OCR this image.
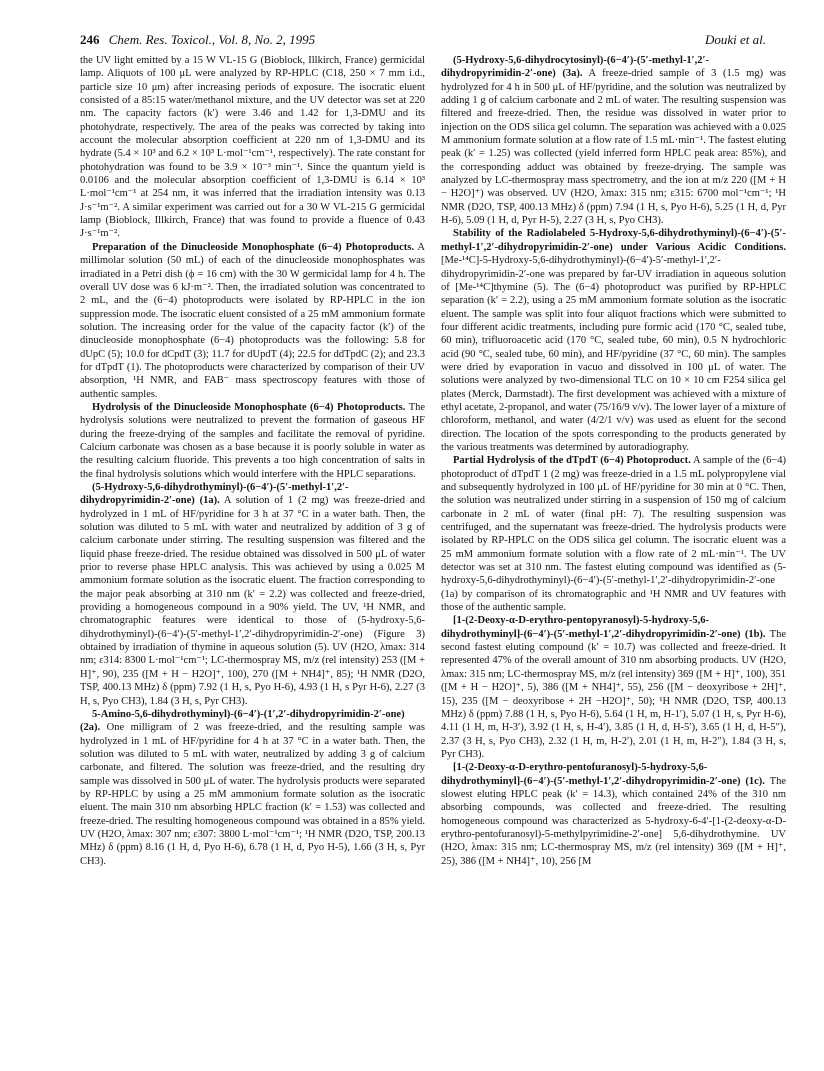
246 Chem. Res. Toxicol., Vol. 8, No. 2, 1995	Douki et al.

the UV light emitted by a 15 W VL-15 G (Bioblock, Illkirch, France) germicidal lamp. Aliquots of 100 μL were analyzed by RP-HPLC (C18, 250 × 7 mm i.d., particle size 10 μm) after increasing periods of exposure. The isocratic eluent consisted of a 85:15 water/methanol mixture, and the UV detector was set at 220 nm. The capacity factors (k′) were 3.46 and 1.42 for 1,3-DMU and its photohydrate, respectively. The area of the peaks was corrected by taking into account the molecular absorption coefficient at 220 nm of 1,3-DMU and its hydrate (5.4 × 10³ and 6.2 × 10³ L·mol⁻¹cm⁻¹, respectively). The rate constant for photohydration was found to be 3.9 × 10⁻³ min⁻¹. Since the quantum yield is 0.0106 and the molecular absorption coefficient of 1,3-DMU is 6.14 × 10³ L·mol⁻¹cm⁻¹ at 254 nm, it was inferred that the irradiation intensity was 0.13 J·s⁻¹m⁻². A similar experiment was carried out for a 30 W VL-215 G germicidal lamp (Bioblock, Illkirch, France) that was found to provide a fluence of 0.43 J·s⁻¹m⁻².

Preparation of the Dinucleoside Monophosphate (6−4) Photoproducts. A millimolar solution (50 mL) of each of the dinucleoside monophosphates was irradiated in a Petri dish (ϕ = 16 cm) with the 30 W germicidal lamp for 4 h. The overall UV dose was 6 kJ·m⁻². Then, the irradiated solution was concentrated to 2 mL, and the (6−4) photoproducts were isolated by RP-HPLC in the ion suppression mode. The isocratic eluent consisted of a 25 mM ammonium formate solution. The increasing order for the value of the capacity factor (k′) of the dinucleoside monophosphate (6−4) photoproducts was the following: 5.8 for dUpC (5); 10.0 for dCpdT (3); 11.7 for dUpdT (4); 22.5 for ddTpdC (2); and 23.3 for dTpdT (1). The photoproducts were characterized by comparison of their UV absorption, ¹H NMR, and FAB⁻ mass spectroscopy features with those of authentic samples.

Hydrolysis of the Dinucleoside Monophosphate (6−4) Photoproducts. The hydrolysis solutions were neutralized to prevent the formation of gaseous HF during the freeze-drying of the samples and facilitate the removal of pyridine. Calcium carbonate was chosen as a base because it is poorly soluble in water as the resulting calcium fluoride. This prevents a too high concentration of salts in the final hydrolysis solutions which would interfere with the HPLC separations.

(5-Hydroxy-5,6-dihydrothyminyl)-(6−4′)-(5′-methyl-1′,2′-dihydropyrimidin-2′-one) (1a). A solution of 1 (2 mg) was freeze-dried and hydrolyzed in 1 mL of HF/pyridine for 3 h at 37 °C in a water bath. Then, the solution was diluted to 5 mL with water and neutralized by addition of 3 g of calcium carbonate under stirring. The resulting suspension was filtered and the liquid phase freeze-dried. The residue obtained was dissolved in 500 μL of water prior to reverse phase HPLC analysis. This was achieved by using a 0.025 M ammonium formate solution as the isocratic eluent. The fraction corresponding to the major peak absorbing at 310 nm (k′ = 2.2) was collected and freeze-dried, providing a homogeneous compound in a 90% yield. The UV, ¹H NMR, and chromatographic features were identical to those of (5-hydroxy-5,6-dihydrothyminyl)-(6−4′)-(5′-methyl-1′,2′-dihydropyrimidin-2′-one) (Figure 3) obtained by irradiation of thymine in aqueous solution (5). UV (H2O, λmax: 314 nm; ε314: 8300 L·mol⁻¹cm⁻¹; LC-thermospray MS, m/z (rel intensity) 253 ([M + H]⁺, 90), 235 ([M + H − H2O]⁺, 100), 270 ([M + NH4]⁺, 85); ¹H NMR (D2O, TSP, 400.13 MHz) δ (ppm) 7.92 (1 H, s, Pyo H-6), 4.93 (1 H, s Pyr H-6), 2.27 (3 H, s, Pyo CH3), 1.84 (3 H, s, Pyr CH3).

5-Amino-5,6-dihydrothyminyl)-(6−4′)-(1′,2′-dihydropyrimidin-2′-one) (2a). One milligram of 2 was freeze-dried, and the resulting sample was hydrolyzed in 1 mL of HF/pyridine for 4 h at 37 °C in a water bath. Then, the solution was diluted to 5 mL with water, neutralized by adding 3 g of calcium carbonate, and filtered. The solution was freeze-dried, and the resulting dry sample was dissolved in 500 μL of water. The hydrolysis products were separated by RP-HPLC by using a 25 mM ammonium formate solution as the isocratic eluent. The main 310 nm absorbing HPLC fraction (k′ = 1.53) was collected and freeze-dried. The resulting homogeneous compound was obtained in a 85% yield. UV (H2O, λmax: 307 nm; ε307: 3800 L·mol⁻¹cm⁻¹; ¹H NMR (D2O, TSP, 200.13 MHz) δ (ppm) 8.16 (1 H, d, Pyo H-6), 6.78 (1 H, d, Pyo H-5), 1.66 (3 H, s, Pyr CH3).

(5-Hydroxy-5,6-dihydrocytosinyl)-(6−4′)-(5′-methyl-1′,2′-dihydropyrimidin-2′-one) (3a). A freeze-dried sample of 3 (1.5 mg) was hydrolyzed for 4 h in 500 μL of HF/pyridine, and the solution was neutralized by adding 1 g of calcium carbonate and 2 mL of water. The resulting suspension was filtered and freeze-dried. Then, the residue was dissolved in water prior to injection on the ODS silica gel column. The separation was achieved with a 0.025 M ammonium formate solution at a flow rate of 1.5 mL·min⁻¹. The fastest eluting peak (k′ = 1.25) was collected (yield inferred form HPLC peak area: 85%), and the corresponding adduct was obtained by freeze-drying. The sample was analyzed by LC-thermospray mass spectrometry, and the ion at m/z 220 ([M + H − H2O]⁺) was observed. UV (H2O, λmax: 315 nm; ε315: 6700 mol⁻¹cm⁻¹; ¹H NMR (D2O, TSP, 400.13 MHz) δ (ppm) 7.94 (1 H, s, Pyo H-6), 5.25 (1 H, d, Pyr H-6), 5.09 (1 H, d, Pyr H-5), 2.27 (3 H, s, Pyo CH3).

Stability of the Radiolabeled 5-Hydroxy-5,6-dihydrothyminyl)-(6−4′)-(5′-methyl-1′,2′-dihydropyrimidin-2′-one) under Various Acidic Conditions. [Me-¹⁴C]-5-Hydroxy-5,6-dihydrothyminyl)-(6−4′)-5′-methyl-1′,2′-dihydropyrimidin-2′-one was prepared by far-UV irradiation in aqueous solution of [Me-¹⁴C]thymine (5). The (6−4) photoproduct was purified by RP-HPLC separation (k′ = 2.2), using a 25 mM ammonium formate solution as the isocratic eluent. The sample was split into four aliquot fractions which were submitted to four different acidic treatments, including pure formic acid (170 °C, sealed tube, 60 min), trifluoroacetic acid (170 °C, sealed tube, 60 min), 0.5 N hydrochloric acid (90 °C, sealed tube, 60 min), and HF/pyridine (37 °C, 60 min). The samples were dried by evaporation in vacuo and dissolved in 100 μL of water. The solutions were analyzed by two-dimensional TLC on 10 × 10 cm F254 silica gel plates (Merck, Darmstadt). The first development was achieved with a mixture of ethyl acetate, 2-propanol, and water (75/16/9 v/v). The lower layer of a mixture of chloroform, methanol, and water (4/2/1 v/v) was used as eluent for the second direction. The location of the spots corresponding to the products generated by the various treatments was determined by autoradiography.

Partial Hydrolysis of the dTpdT (6−4) Photoproduct. A sample of the (6−4) photoproduct of dTpdT 1 (2 mg) was freeze-dried in a 1.5 mL polypropylene vial and subsequently hydrolyzed in 100 μL of HF/pyridine for 30 min at 0 °C. Then, the solution was neutralized under stirring in a suspension of 150 mg of calcium carbonate in 2 mL of water (final pH: 7). The resulting suspension was centrifuged, and the supernatant was freeze-dried. The hydrolysis products were isolated by RP-HPLC on the ODS silica gel column. The isocratic eluent was a 25 mM ammonium formate solution with a flow rate of 2 mL·min⁻¹. The UV detector was set at 310 nm. The fastest eluting compound was identified as (5-hydroxy-5,6-dihydrothyminyl)-(6−4′)-(5′-methyl-1′,2′-dihydropyrimidin-2′-one (1a) by comparison of its chromatographic and ¹H NMR and UV features with those of the authentic sample.

[1-(2-Deoxy-α-D-erythro-pentopyranosyl)-5-hydroxy-5,6-dihydrothyminyl]-(6−4′)-(5′-methyl-1′,2′-dihydropyrimidin-2′-one) (1b). The second fastest eluting compound (k′ = 10.7) was collected and freeze-dried. It represented 47% of the overall amount of 310 nm absorbing products. UV (H2O, λmax: 315 nm; LC-thermospray MS, m/z (rel intensity) 369 ([M + H]⁺, 100), 351 ([M + H − H2O]⁺, 5), 386 ([M + NH4]⁺, 55), 256 ([M − deoxyribose + 2H]⁺, 15), 235 ([M − deoxyribose + 2H −H2O]⁺, 50); ¹H NMR (D2O, TSP, 400.13 MHz) δ (ppm) 7.88 (1 H, s, Pyo H-6), 5.64 (1 H, m, H-1′), 5.07 (1 H, s, Pyr H-6), 4.11 (1 H, m, H-3′), 3.92 (1 H, s, H-4′), 3.85 (1 H, d, H-5′), 3.65 (1 H, d, H-5″), 2.37 (3 H, s, Pyo CH3), 2.32 (1 H, m, H-2′), 2.01 (1 H, m, H-2″), 1.84 (3 H, s, Pyr CH3).

[1-(2-Deoxy-α-D-erythro-pentofuranosyl)-5-hydroxy-5,6-dihydrothyminyl]-(6−4′)-(5′-methyl-1′,2′-dihydropyrimidin-2′-one) (1c). The slowest eluting HPLC peak (k′ = 14.3), which contained 24% of the 310 nm absorbing compounds, was collected and freeze-dried. The resulting homogeneous compound was characterized as 5-hydroxy-6-4′-[1-(2-deoxy-α-D-erythro-pentofuranosyl)-5-methylpyrimidine-2′-one] 5,6-dihydrothymine. UV (H2O, λmax: 315 nm; LC-thermospray MS, m/z (rel intensity) 369 ([M + H]⁺, 25), 386 ([M + NH4]⁺, 10), 256 [M
